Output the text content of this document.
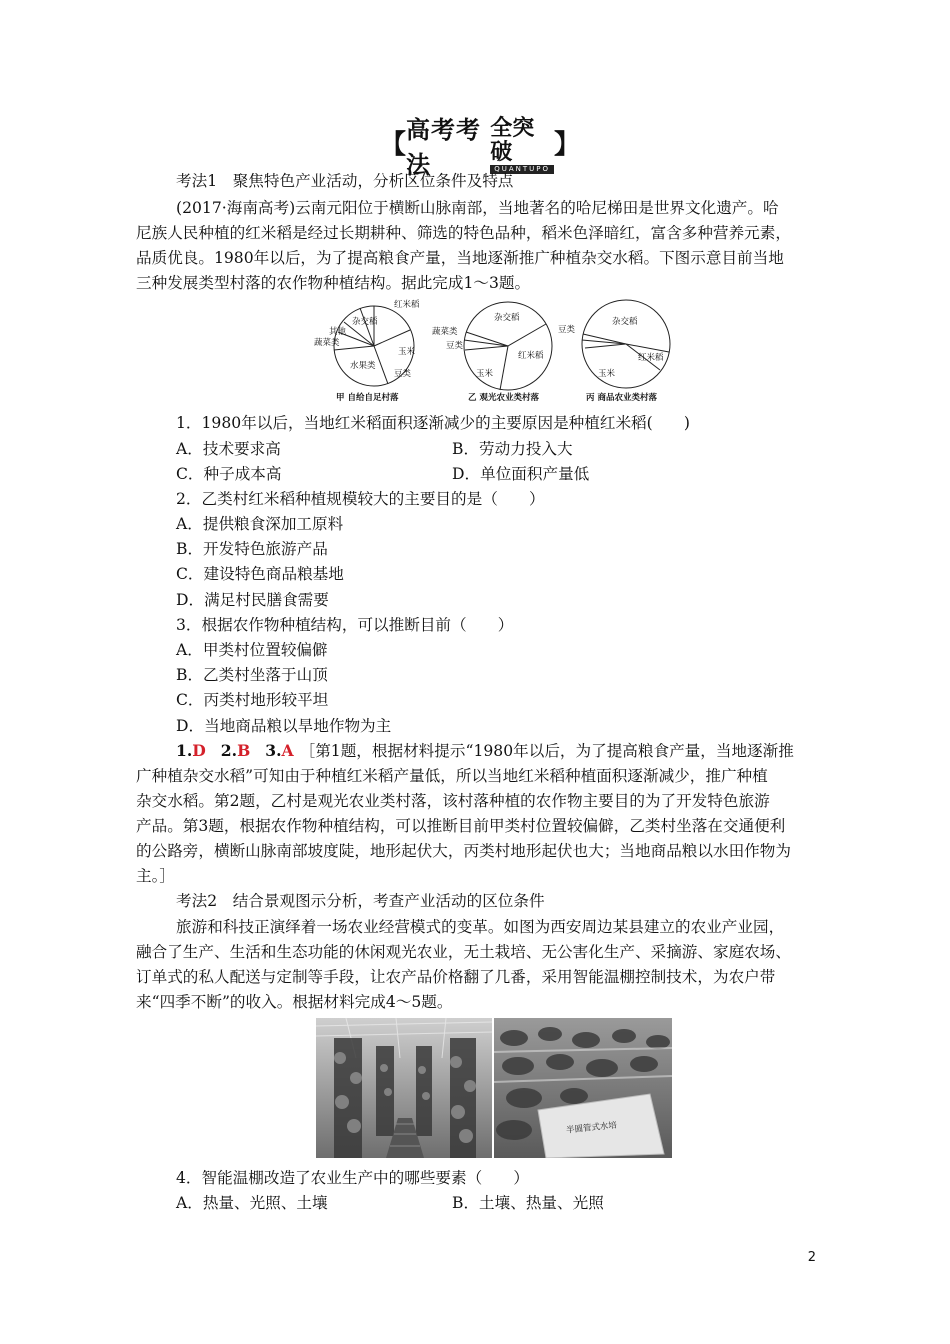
【 高考考法
全突破
QUANTUPO
】
考法1　聚焦特色产业活动，分析区位条件及特点
(2017·海南高考)云南元阳位于横断山脉南部，当地著名的哈尼梯田是世界文化遗产。哈
尼族人民种植的红米稻是经过长期耕种、筛选的特色品种，稻米色泽暗红，富含多种营养元素，
品质优良。1980年以后，为了提高粮食产量，当地逐渐推广种植杂交水稻。下图示意目前当地
三种发展类型村落的农作物种植结构。据此完成1～3题。
红米稻
杂交稻
其他
蔬菜类
玉米
水果类
豆类
甲 自给自足村落
杂交稻
蔬菜类
豆类
红米稻
玉米
乙 观光农业类村落
豆类
杂交稻
红米稻
玉米
丙 商品农业类村落
1．1980年以后，当地红米稻面积逐渐减少的主要原因是种植红米稻(　　)
A．技术要求高	B．劳动力投入大
C．种子成本高	D．单位面积产量低
2．乙类村红米稻种植规模较大的主要目的是（　　）
A．提供粮食深加工原料
B．开发特色旅游产品
C．建设特色商品粮基地
D．满足村民膳食需要
3．根据农作物种植结构，可以推断目前（　　）
A．甲类村位置较偏僻
B．乙类村坐落于山顶
C．丙类村地形较平坦
D．当地商品粮以旱地作物为主
1.D 2.B 3.A ［第1题，根据材料提示“1980年以后，为了提高粮食产量，当地逐渐推
广种植杂交水稻”可知由于种植红米稻产量低，所以当地红米稻种植面积逐渐减少，推广种植
杂交水稻。第2题，乙村是观光农业类村落，该村落种植的农作物主要目的为了开发特色旅游
产品。第3题，根据农作物种植结构，可以推断目前甲类村位置较偏僻，乙类村坐落在交通便利
的公路旁，横断山脉南部坡度陡，地形起伏大，丙类村地形起伏也大；当地商品粮以水田作物为
主。］
考法2　结合景观图示分析，考查产业活动的区位条件
旅游和科技正演绎着一场农业经营模式的变革。如图为西安周边某县建立的农业产业园，
融合了生产、生活和生态功能的休闲观光农业，无土栽培、无公害化生产、采摘游、家庭农场、
订单式的私人配送与定制等手段，让农产品价格翻了几番，采用智能温棚控制技术，为农户带
来“四季不断”的收入。根据材料完成4～5题。
半圆管式水培
4．智能温棚改造了农业生产中的哪些要素（　　）
A．热量、光照、土壤	B．土壤、热量、光照
2
